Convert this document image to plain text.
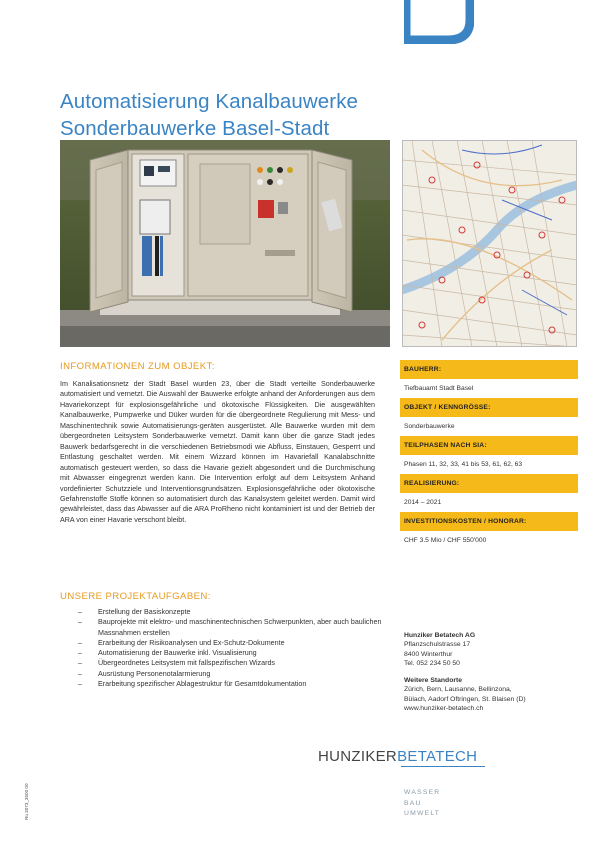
Automatisierung Kanalbauwerke
Sonderbauwerke Basel-Stadt
INFORMATIONEN ZUM OBJEKT:

Im Kanalisationsnetz der Stadt Basel wurden 23, über die Stadt verteilte Sonderbauwerke automatisiert und vernetzt. Die Auswahl der Bauwerke erfolgte anhand der Anforderungen aus dem Havariekonzept für explosionsgefährliche und ökotoxische Flüssigkeiten. Die ausgewählten Kanalbauwerke, Pumpwerke und Düker wurden für die übergeordnete Regulierung mit Mess- und Maschinentechnik sowie Automatisierungs-geräten ausgerüstet. Alle Bauwerke wurden mit dem übergeordneten Leitsystem Sonderbauwerke vernetzt. Damit kann über die ganze Stadt jedes Bauwerk bedarfsgerecht in die verschiedenen Betriebsmodi wie Abfluss, Einstauen, Gesperrt und Entlastung geschaltet werden. Mit einem Wizzard können im Havariefall Kanalabschnitte automatisch gesteuert werden, so dass die Havarie gezielt abgesondert und die Durchmischung mit Abwasser eingegrenzt werden kann. Die Intervention erfolgt auf dem Leitsystem Anhand vordefinierter Schutzziele und Interventionsgrundsätzen. Explosionsgefährliche oder ökotoxische Gefahrenstoffe Stoffe können so automatisiert durch das Kanalsystem geleitet werden. Damit wird gewährleistet, dass das Abwasser auf die ARA ProRheno nicht kontaminiert ist und der Betrieb der ARA von einer Havarie verschont bleibt.

UNSERE PROJEKTAUFGABEN:
– Erstellung der Basiskonzepte
– Bauprojekte mit elektro- und maschinentechnischen Schwerpunkten, aber auch baulichen Massnahmen erstellen
– Erarbeitung der Risikoanalysen und Ex-Schutz-Dokumente
– Automatisierung der Bauwerke inkl. Visualisierung
– Übergeordnetes Leitsystem mit fallspezifischen Wizards
– Ausrüstung Personenotalarmierung
– Erarbeitung spezifischer Ablagestruktur für Gesamtdokumentation
BAUHERR:
Tiefbauamt Stadt Basel
OBJEKT / KENNGRÖSSE:
Sonderbauwerke
TEILPHASEN NACH SIA:
Phasen 11, 32, 33, 41 bis 53, 61, 62, 63
REALISIERUNG:
2014 – 2021
INVESTITIONSKOSTEN / HONORAR:
CHF 3.5 Mio / CHF 550'000
Hunziker Betatech AG
Pflanzschulstrasse 17
8400 Winterthur
Tel. 052 234 50 50
Weitere Standorte
Zürich, Bern, Lausanne, Bellinzona,
Bülach, Aadorf Oftringen, St. Blaisen (D)
www.hunziker-betatech.ch
HUNZIKERBETATECH
WASSER
BAU
UMWELT
Ru 3073_3500 00
